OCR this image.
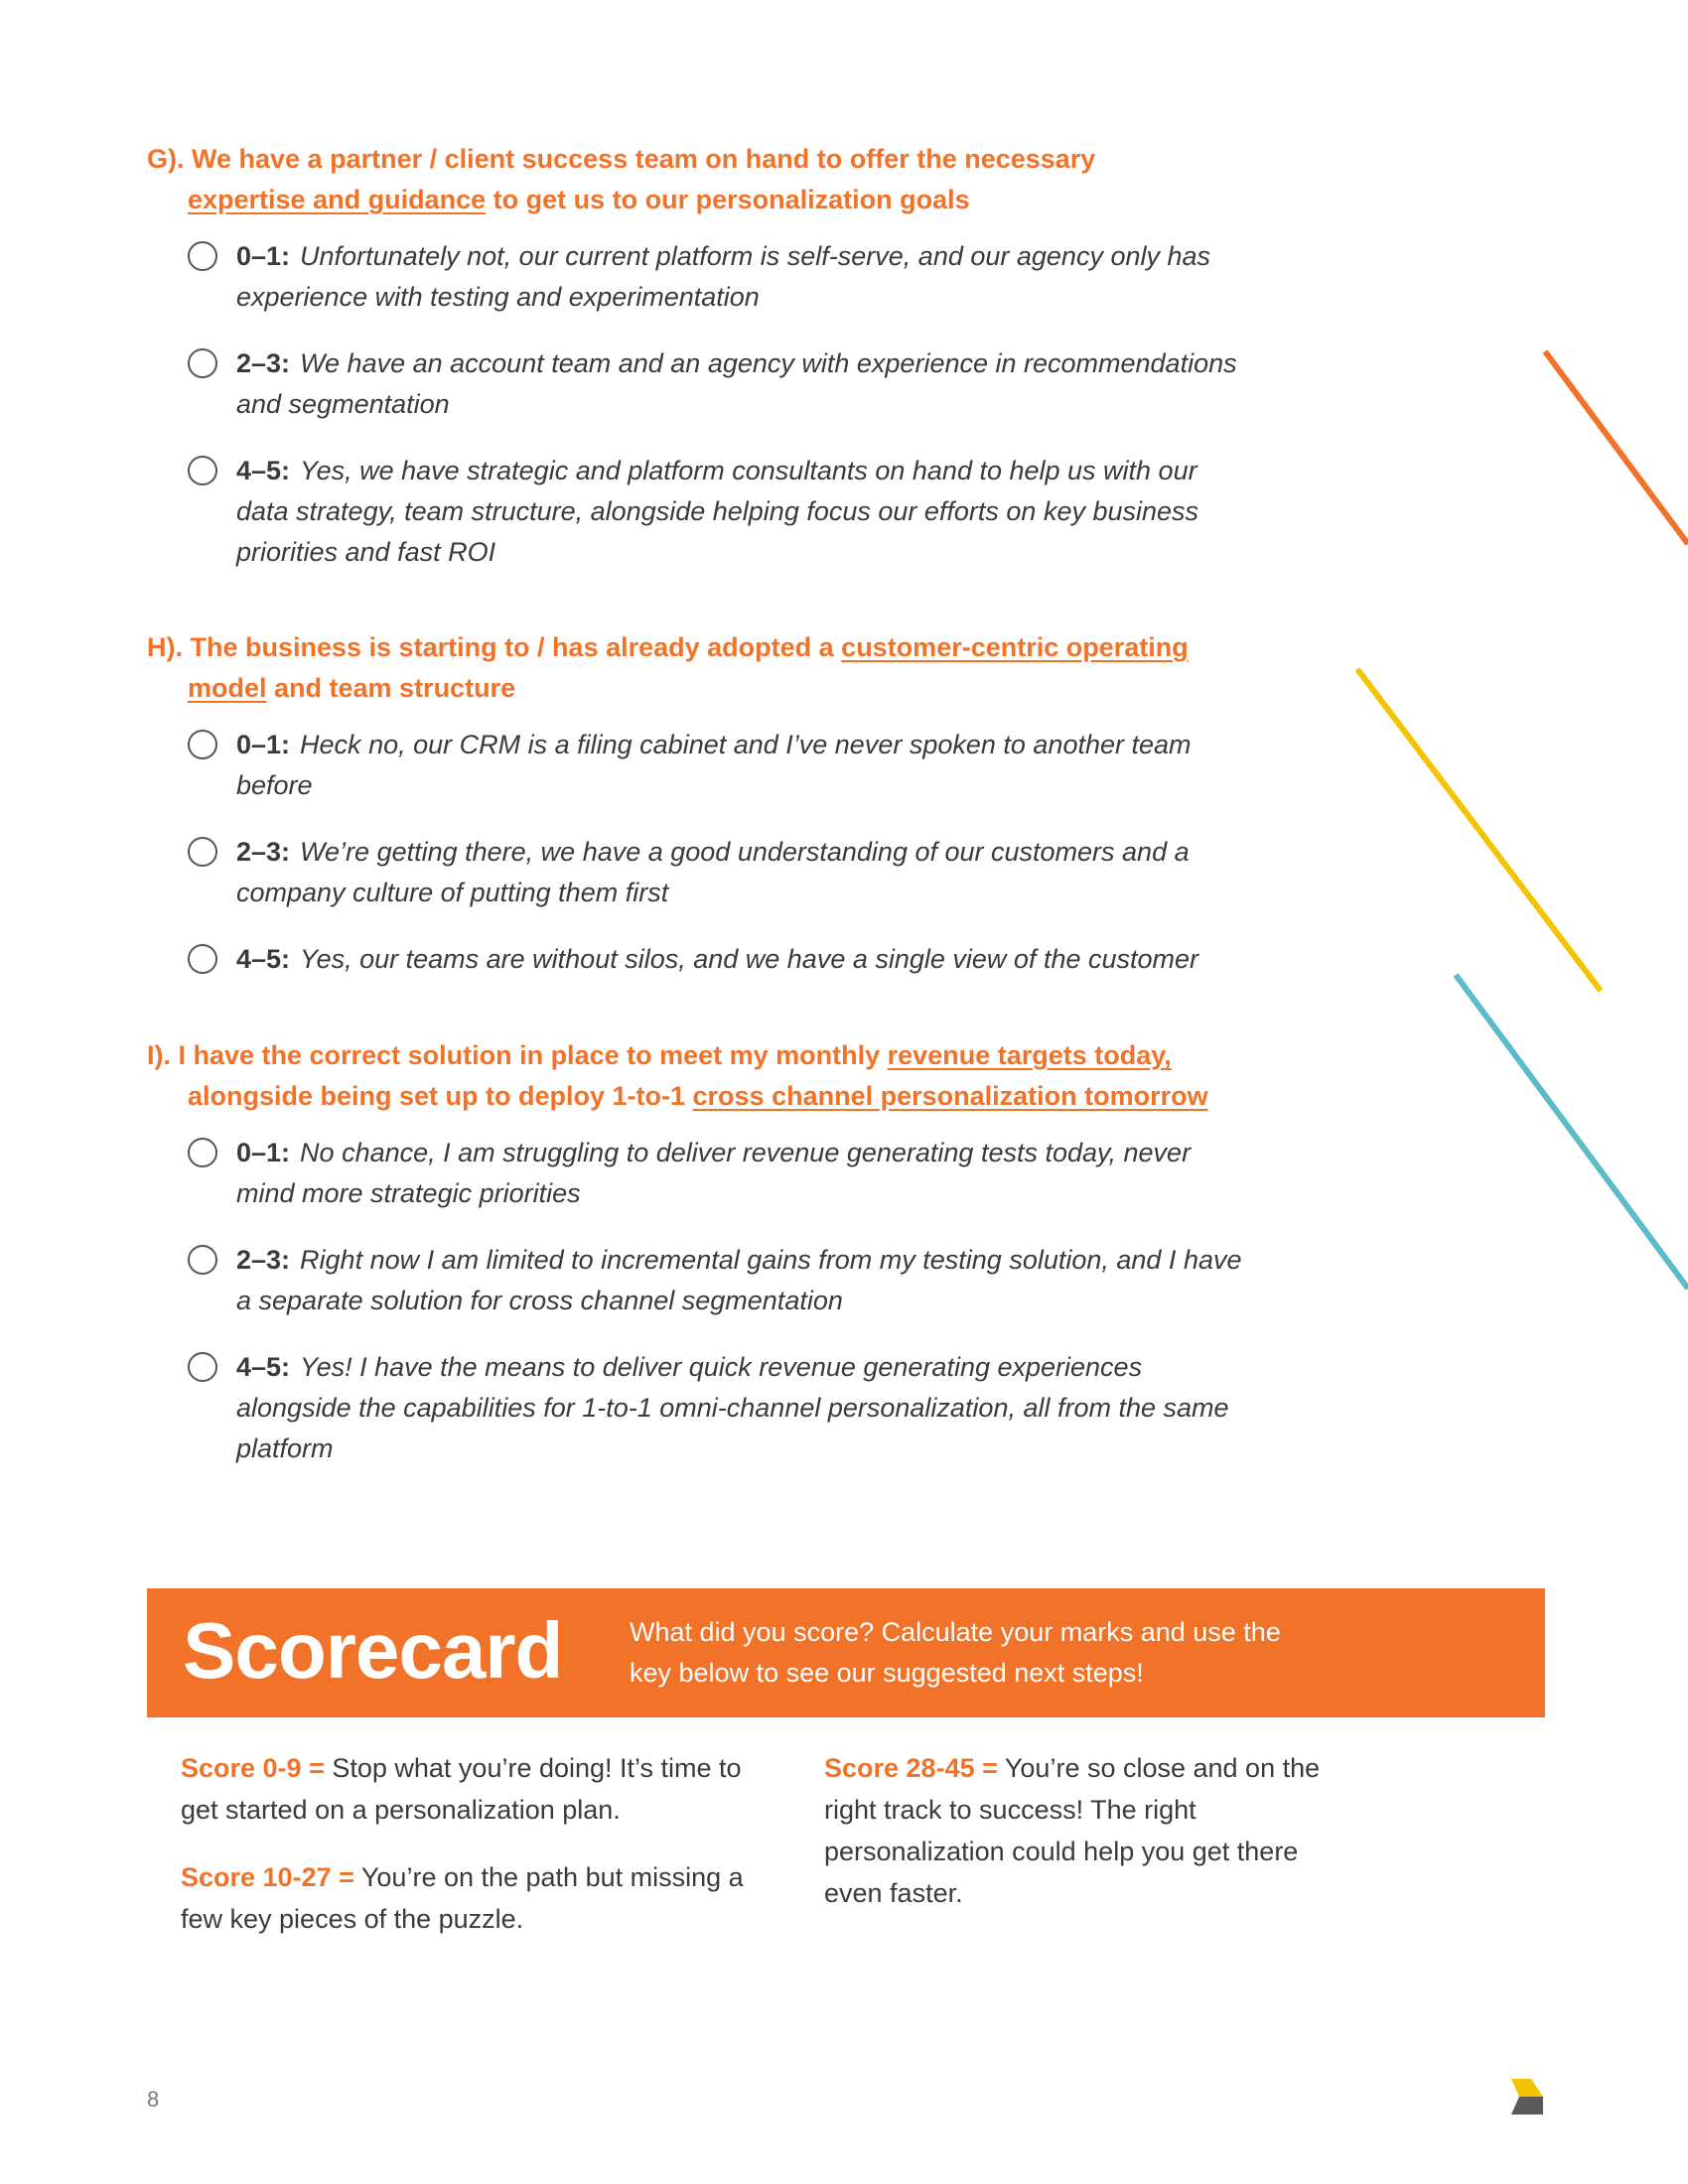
G). We have a partner / client success team on hand to offer the necessary
expertise and guidance to get us to our personalization goals
0–1: Unfortunately not, our current platform is self-serve, and our agency only has experience with testing and experimentation
2–3: We have an account team and an agency with experience in recommendations and segmentation
4–5: Yes, we have strategic and platform consultants on hand to help us with our data strategy, team structure, alongside helping focus our efforts on key business priorities and fast ROI
H). The business is starting to / has already adopted a customer-centric operating
model and team structure
0–1: Heck no, our CRM is a filing cabinet and I’ve never spoken to another team before
2–3: We’re getting there, we have a good understanding of our customers and a company culture of putting them first
4–5: Yes, our teams are without silos, and we have a single view of the customer
I). I have the correct solution in place to meet my monthly revenue targets today,
alongside being set up to deploy 1-to-1 cross channel personalization tomorrow
0–1: No chance, I am struggling to deliver revenue generating tests today, never mind more strategic priorities
2–3: Right now I am limited to incremental gains from my testing solution, and I have a separate solution for cross channel segmentation
4–5: Yes! I have the means to deliver quick revenue generating experiences alongside the capabilities for 1-to-1 omni-channel personalization, all from the same platform
Scorecard	What did you score? Calculate your marks and use the key below to see our suggested next steps!
Score 0-9 = Stop what you’re doing! It’s time to get started on a personalization plan.
Score 10-27 = You’re on the path but missing a few key pieces of the puzzle.
Score 28-45 = You’re so close and on the right track to success! The right personalization could help you get there even faster.
8
